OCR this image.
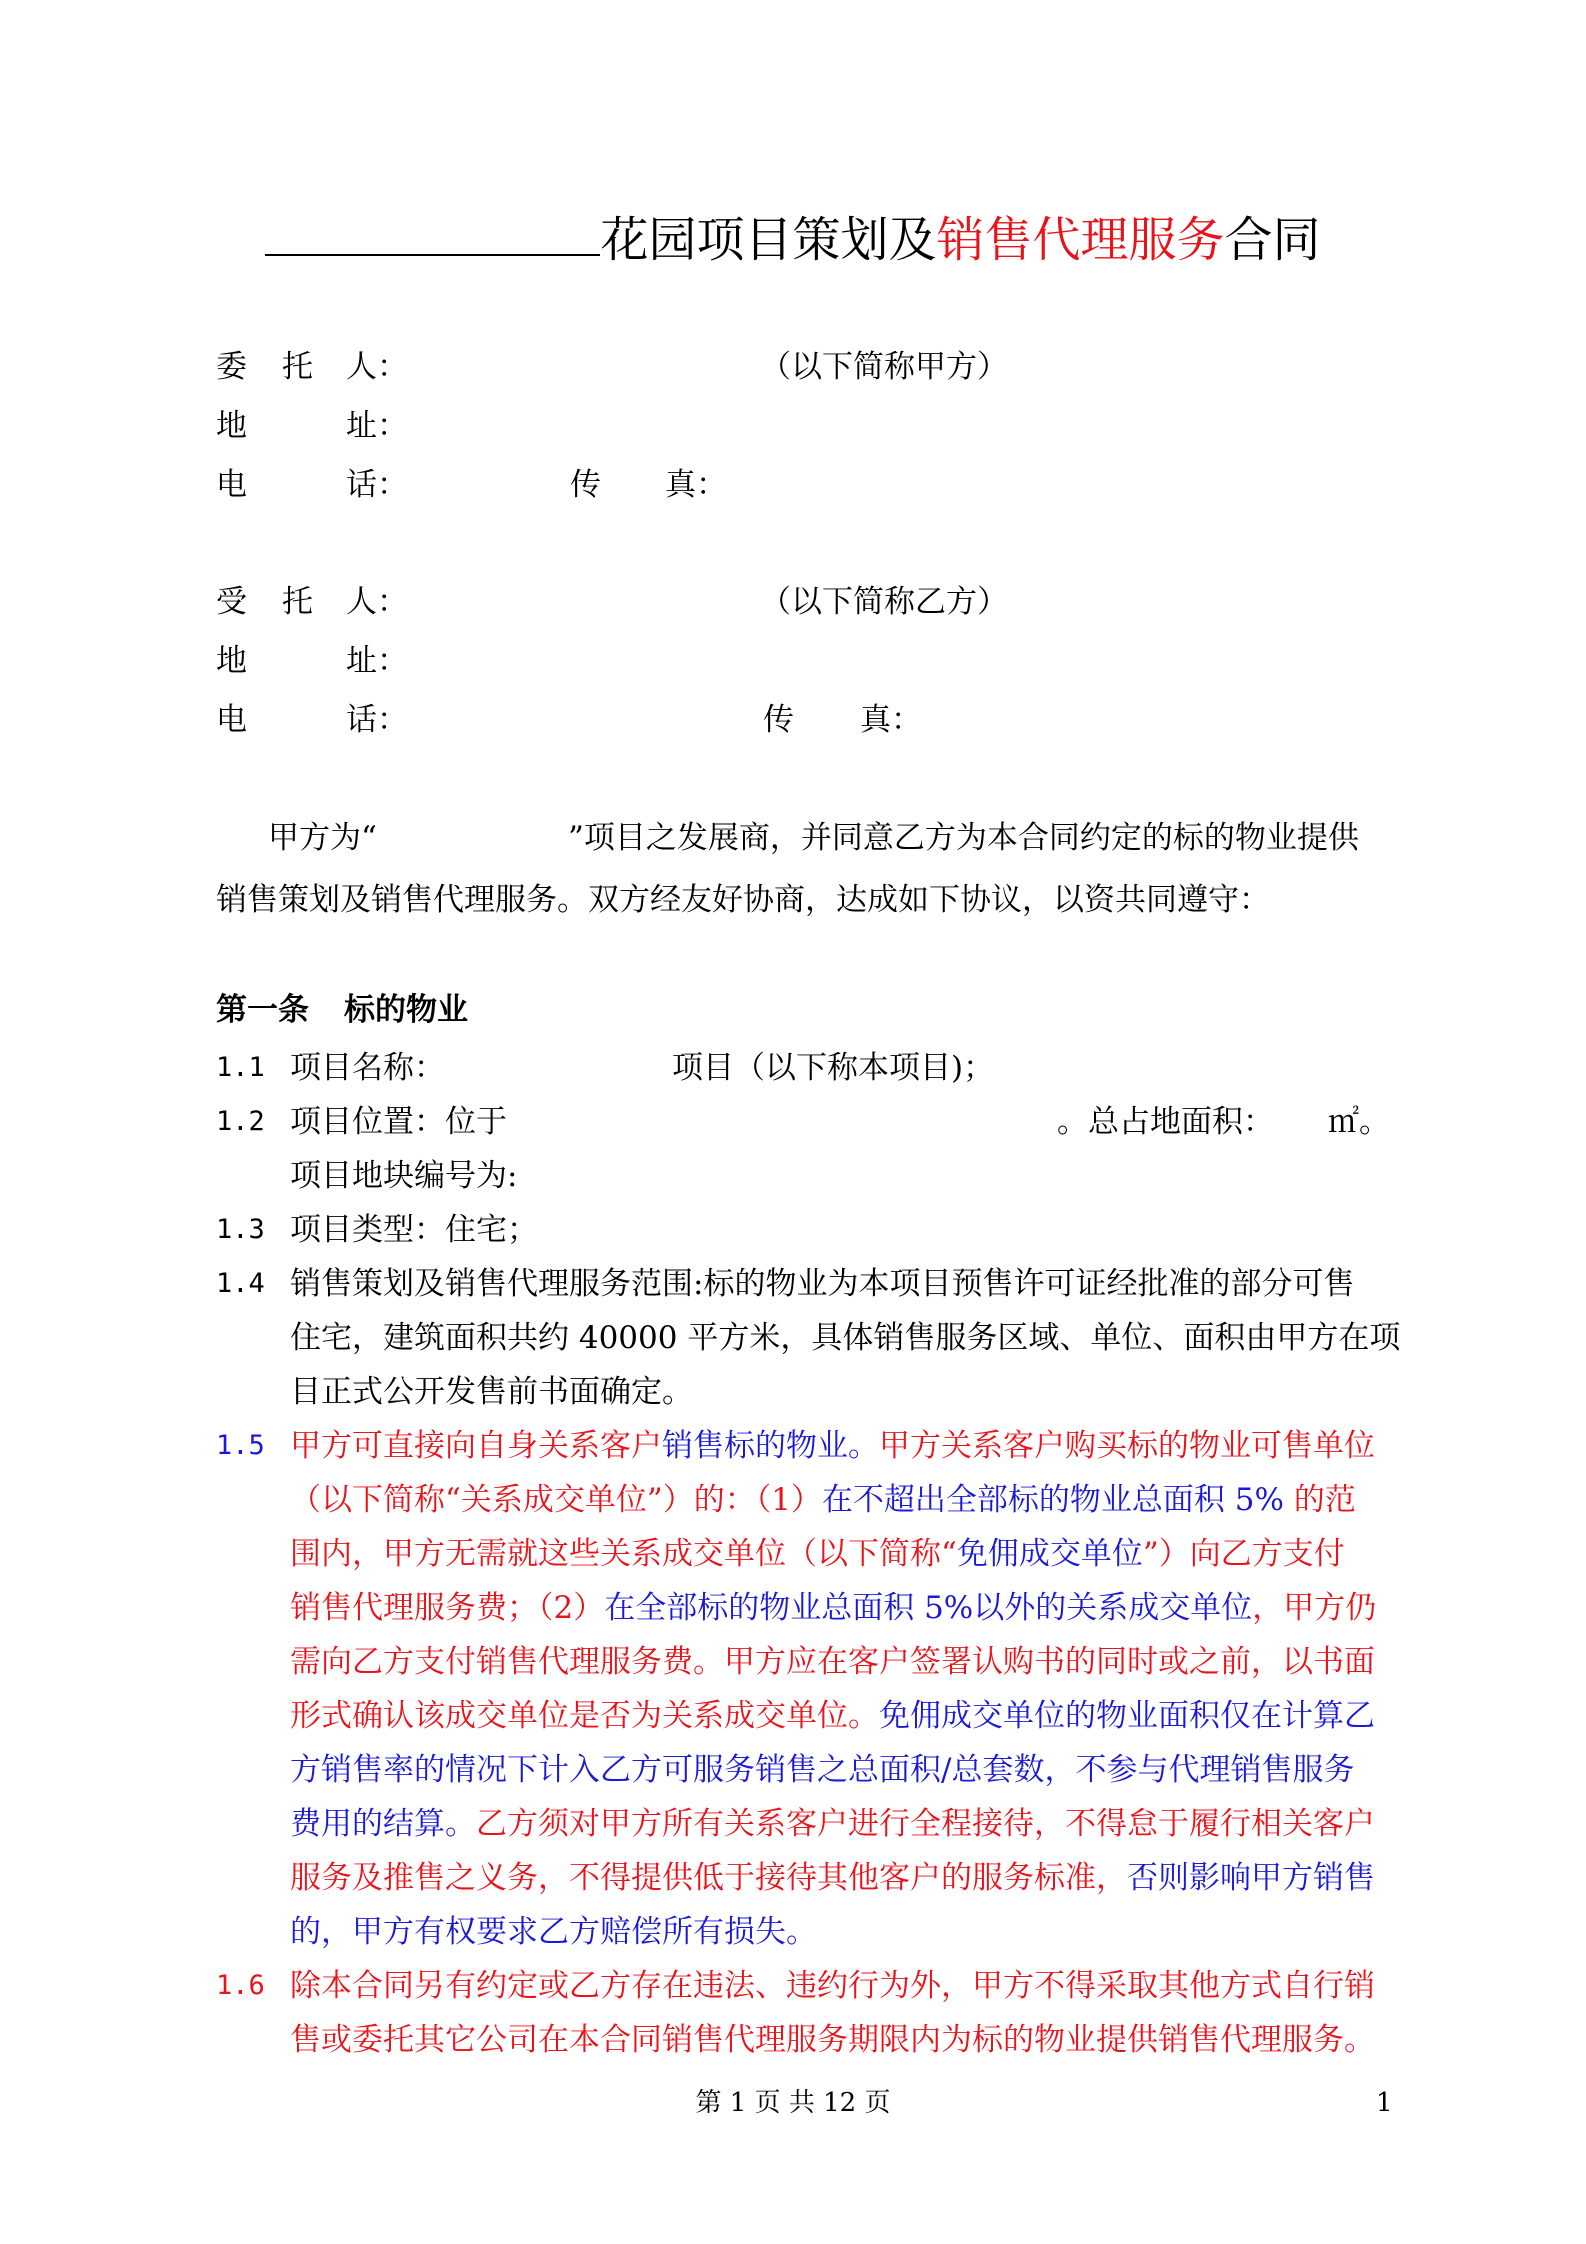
花园项目策划及销售代理服务合同
委 托 人：	（以下简称甲方）
地	址：
电	话：	传 真：
受 托 人：	（以下简称乙方）
地	址：
电	话：	传 真：
甲方为“	”项目之发展商，并同意乙方为本合同约定的标的物业提供
销售策划及销售代理服务。双方经友好协商，达成如下协议，以资共同遵守：
第一条 标的物业
1.1 项目名称：	项目（以下称本项目)；
1.2 项目位置：位于	。总占地面积： ㎡。
项目地块编号为:
1.3 项目类型：住宅；
1.4 销售策划及销售代理服务范围:标的物业为本项目预售许可证经批准的部分可售
住宅，建筑面积共约 40000 平方米，具体销售服务区域、单位、面积由甲方在项
目正式公开发售前书面确定。
1.5 甲方可直接向自身关系客户销售标的物业。甲方关系客户购买标的物业可售单位
（以下简称“关系成交单位”）的：（1）在不超出全部标的物业总面积 5% 的范
围内，甲方无需就这些关系成交单位（以下简称“免佣成交单位”）向乙方支付
销售代理服务费；（2）在全部标的物业总面积 5%以外的关系成交单位，甲方仍
需向乙方支付销售代理服务费。甲方应在客户签署认购书的同时或之前，以书面
形式确认该成交单位是否为关系成交单位。免佣成交单位的物业面积仅在计算乙
方销售率的情况下计入乙方可服务销售之总面积/总套数，不参与代理销售服务
费用的结算。乙方须对甲方所有关系客户进行全程接待，不得怠于履行相关客户
服务及推售之义务，不得提供低于接待其他客户的服务标准，否则影响甲方销售
的，甲方有权要求乙方赔偿所有损失。
1.6 除本合同另有约定或乙方存在违法、违约行为外，甲方不得采取其他方式自行销
售或委托其它公司在本合同销售代理服务期限内为标的物业提供销售代理服务。
第 1 页 共 12 页	1
